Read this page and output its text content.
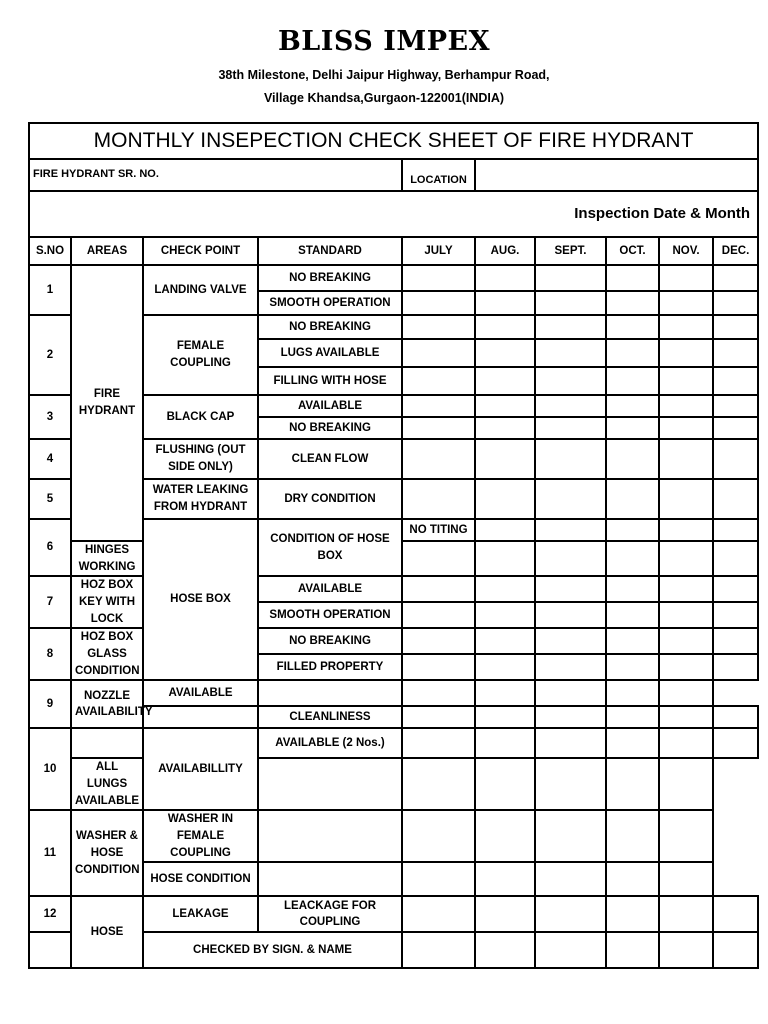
BLISS IMPEX
38th Milestone, Delhi Jaipur Highway, Berhampur Road,
Village Khandsa,Gurgaon-122001(INDIA)
MONTHLY INSEPECTION CHECK SHEET OF FIRE HYDRANT										
FIRE HYDRANT SR. NO.				LOCATION						
Inspection Date & Month										
S.NO	AREAS	CHECK POINT	STANDARD	JULY	AUG.	SEPT.	OCT.	NOV.	DEC.	
1	FIRE HYDRANT	LANDING VALVE	NO BREAKING							
			SMOOTH OPERATION							
2		FEMALE COUPLING	NO BREAKING							
			LUGS AVAILABLE							
			FILLING WITH HOSE							
3		BLACK CAP	AVAILABLE							
			NO BREAKING							
4		FLUSHING (OUT SIDE ONLY)	CLEAN FLOW							
5		WATER LEAKING FROM HYDRANT	DRY CONDITION							
6		HOSE BOX	CONDITION OF HOSE BOX	NO TITING						
	HINGES WORKING									
7	HOZ BOX KEY WITH LOCK		AVAILABLE							
			SMOOTH OPERATION							
8	HOZ BOX GLASS CONDITION		NO BREAKING							
			FILLED PROPERTY							
9	NOZZLE AVAILABILITY	AVAILABLE								
			CLEANLINESS							
10		AVAILABILLITY	AVAILABLE (2 Nos.)							
	ALL LUNGS AVAILABLE									
11	WASHER & HOSE CONDITION	WASHER IN FEMALE COUPLING								
		HOSE CONDITION								
12	HOSE	LEAKAGE	LEACKAGE FOR COUPLING							
		CHECKED BY SIGN. & NAME								
